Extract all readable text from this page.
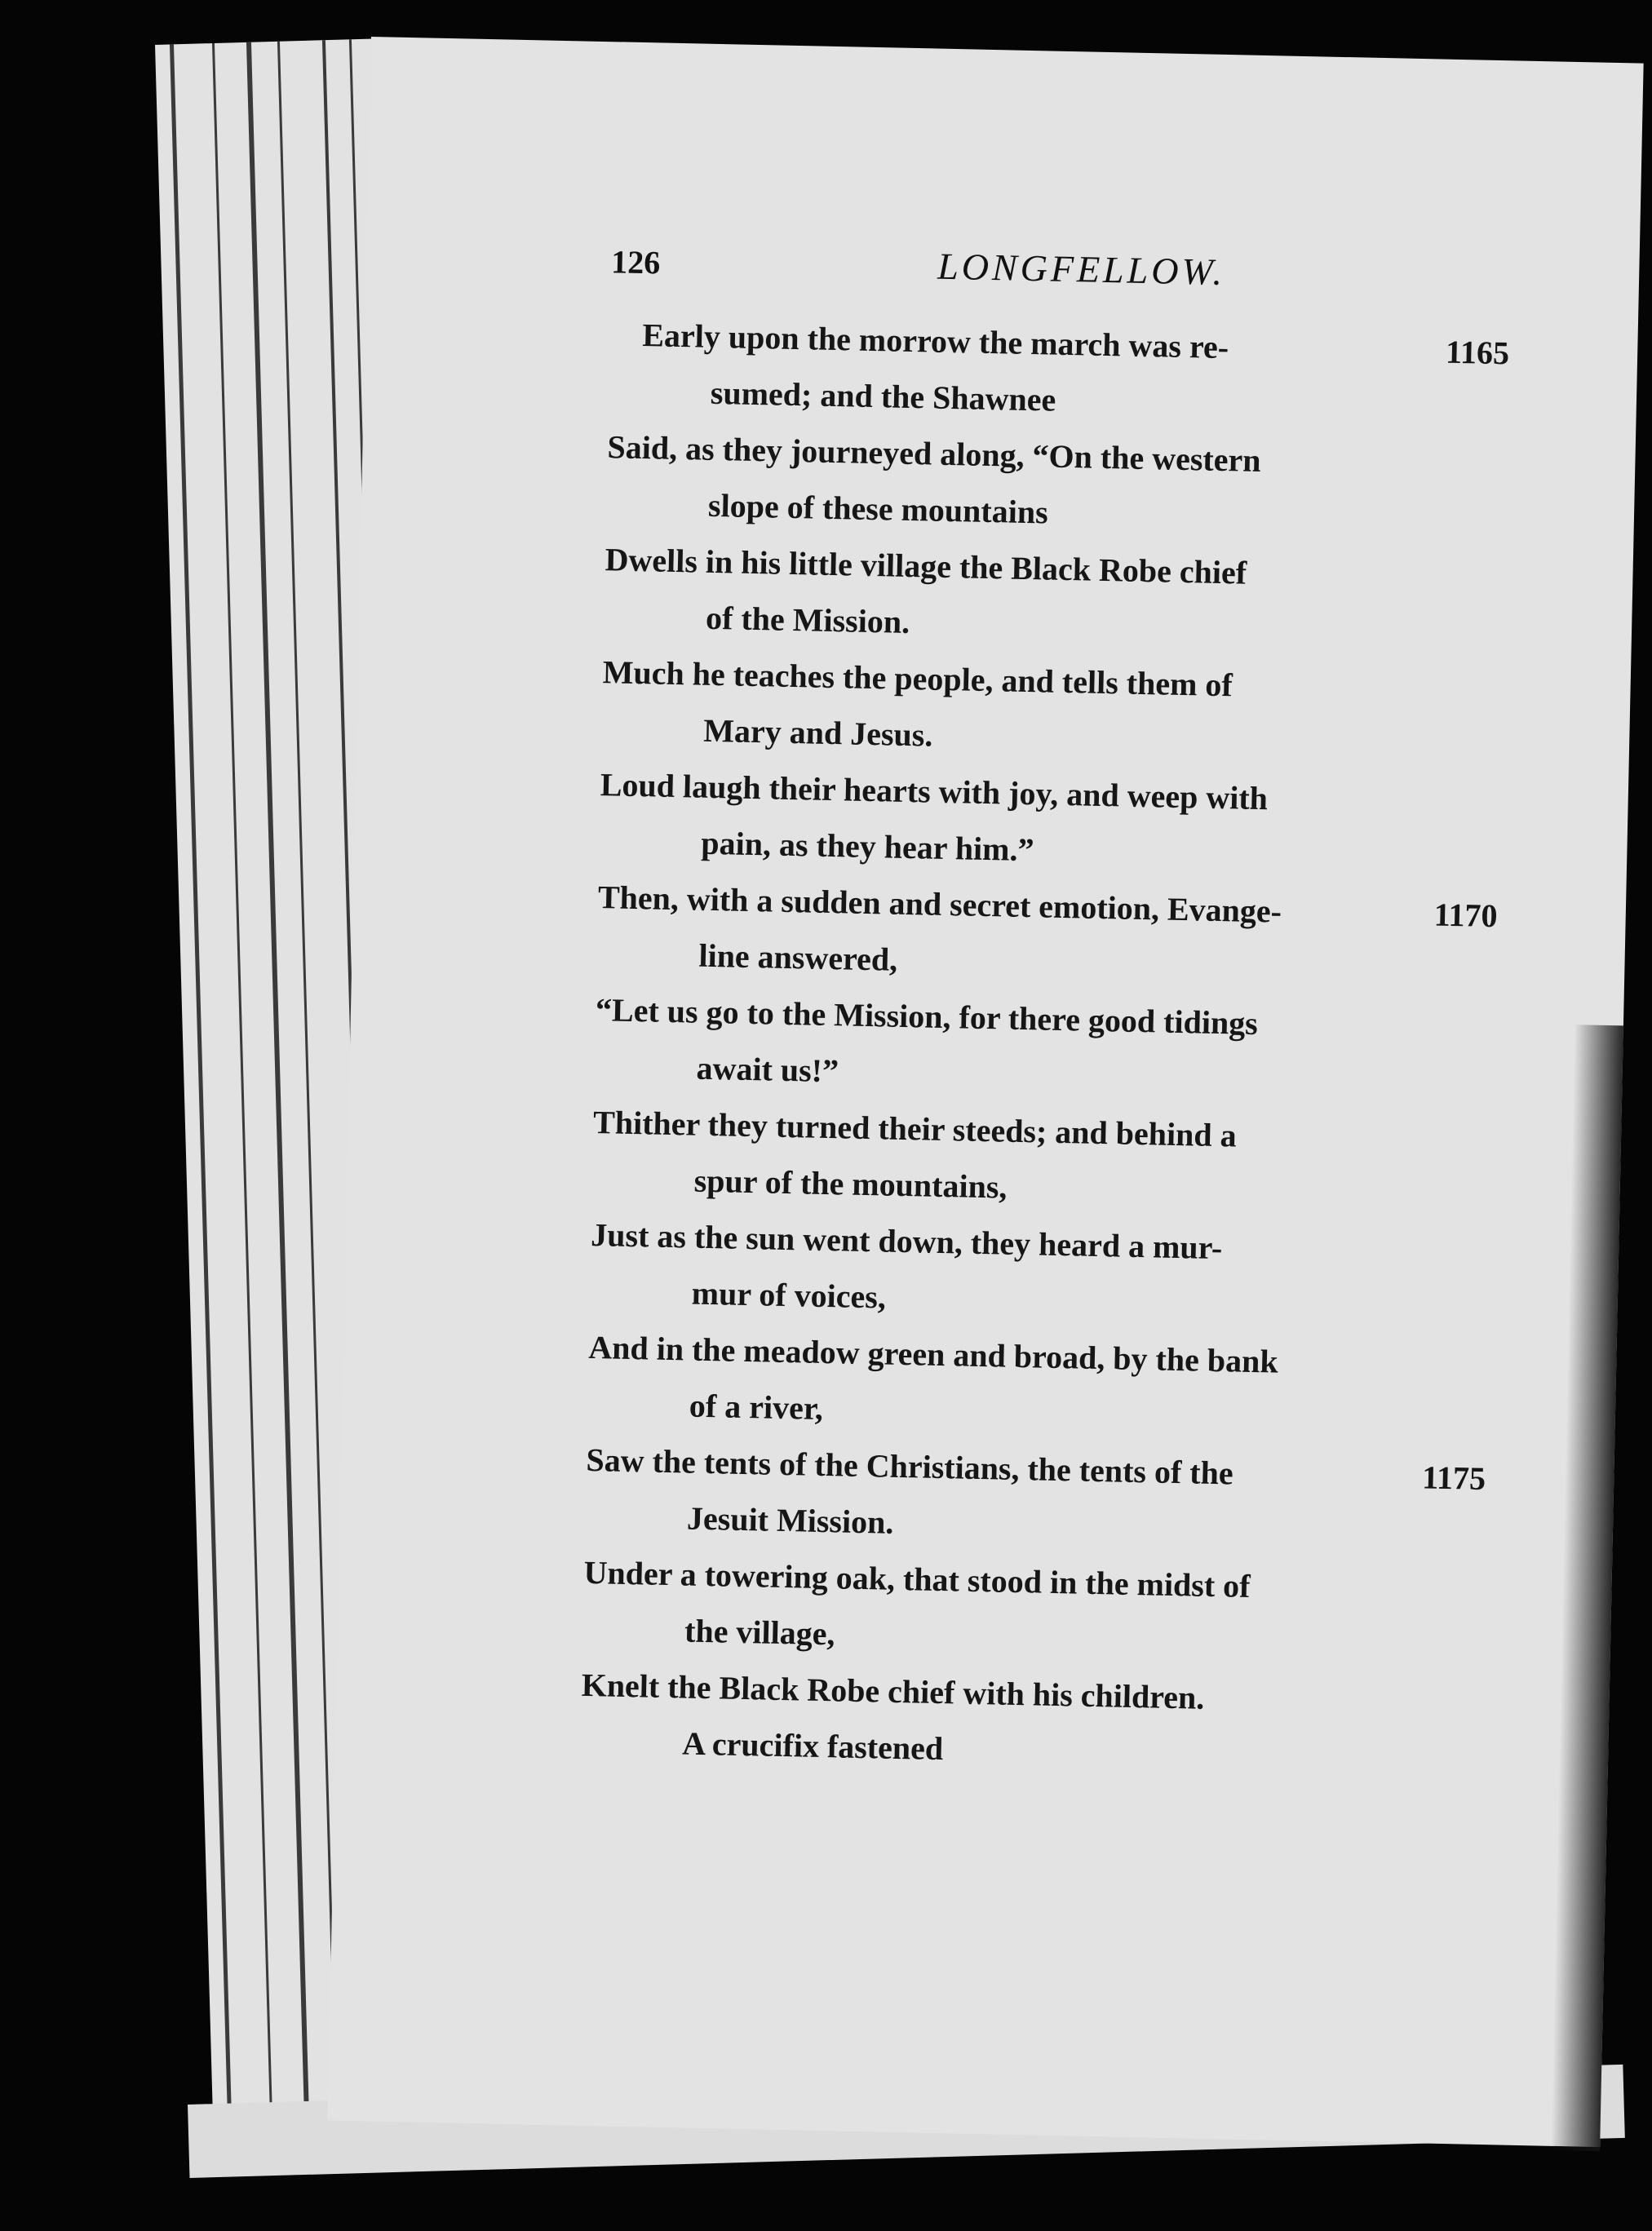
126	LONGFELLOW.
Early upon the morrow the march was re-	1165
sumed; and the Shawnee
Said, as they journeyed along, “On the western
slope of these mountains
Dwells in his little village the Black Robe chief
of the Mission.
Much he teaches the people, and tells them of
Mary and Jesus.
Loud laugh their hearts with joy, and weep with
pain, as they hear him.”
Then, with a sudden and secret emotion, Evange-	1170
line answered,
“Let us go to the Mission, for there good tidings
await us!”
Thither they turned their steeds; and behind a
spur of the mountains,
Just as the sun went down, they heard a mur-
mur of voices,
And in the meadow green and broad, by the bank
of a river,
Saw the tents of the Christians, the tents of the	1175
Jesuit Mission.
Under a towering oak, that stood in the midst of
the village,
Knelt the Black Robe chief with his children.
A crucifix fastened
